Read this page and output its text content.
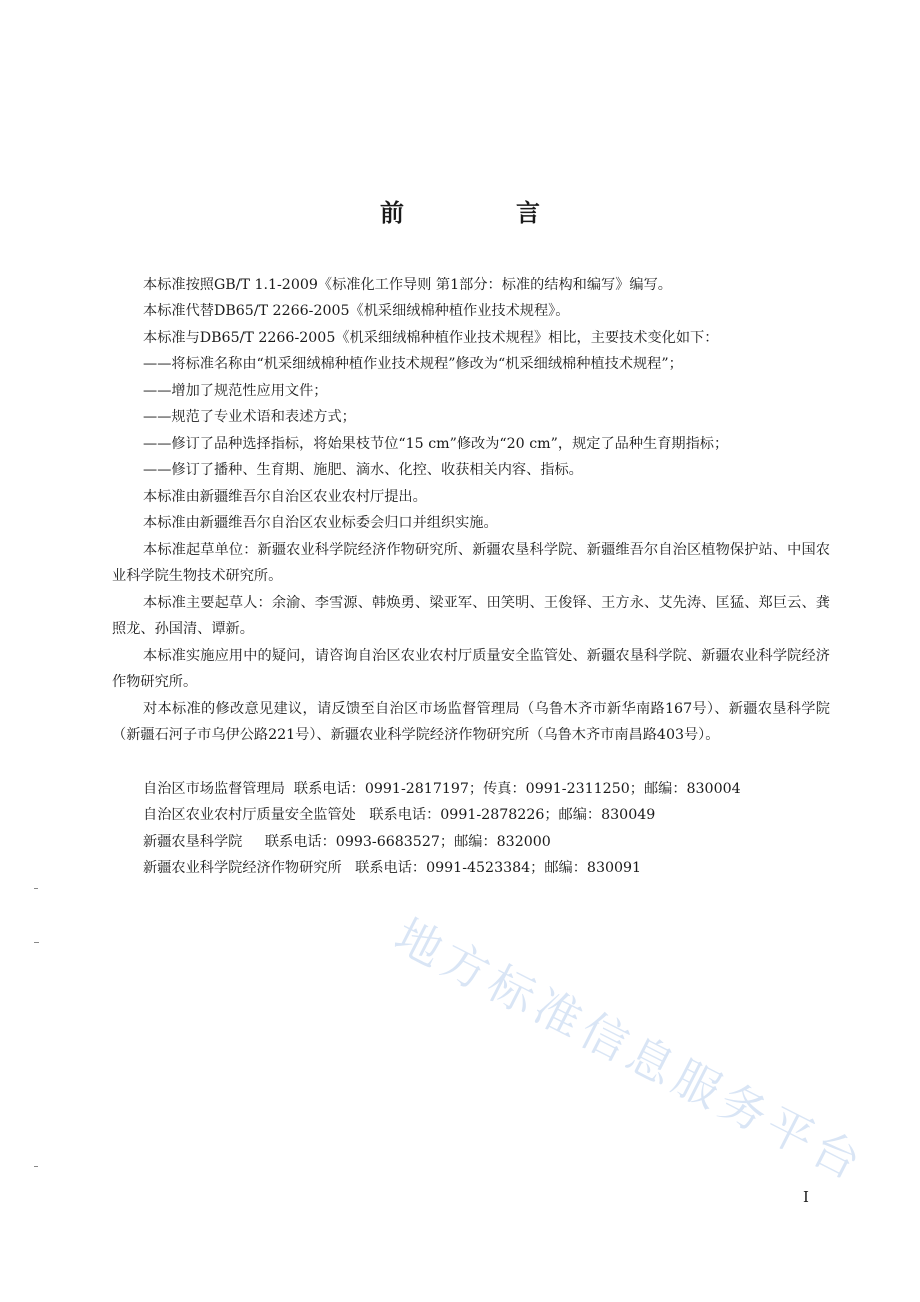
前　言
本标准按照GB/T 1.1-2009《标准化工作导则 第1部分：标准的结构和编写》编写。
本标准代替DB65/T 2266-2005《机采细绒棉种植作业技术规程》。
本标准与DB65/T 2266-2005《机采细绒棉种植作业技术规程》相比，主要技术变化如下：
——将标准名称由“机采细绒棉种植作业技术规程”修改为“机采细绒棉种植技术规程”；
——增加了规范性应用文件；
——规范了专业术语和表述方式；
——修订了品种选择指标，将始果枝节位“15 cm”修改为“20 cm”，规定了品种生育期指标；
——修订了播种、生育期、施肥、滴水、化控、收获相关内容、指标。
本标准由新疆维吾尔自治区农业农村厅提出。
本标准由新疆维吾尔自治区农业标委会归口并组织实施。
本标准起草单位：新疆农业科学院经济作物研究所、新疆农垦科学院、新疆维吾尔自治区植物保护站、中国农业科学院生物技术研究所。
本标准主要起草人：余渝、李雪源、韩焕勇、梁亚军、田笑明、王俊铎、王方永、艾先涛、匡猛、郑巨云、龚照龙、孙国清、谭新。
本标准实施应用中的疑问，请咨询自治区农业农村厅质量安全监管处、新疆农垦科学院、新疆农业科学院经济作物研究所。
对本标准的修改意见建议，请反馈至自治区市场监督管理局（乌鲁木齐市新华南路167号）、新疆农垦科学院（新疆石河子市乌伊公路221号）、新疆农业科学院经济作物研究所（乌鲁木齐市南昌路403号）。
自治区市场监督管理局  联系电话：0991-2817197；传真：0991-2311250；邮编：830004
自治区农业农村厅质量安全监管处   联系电话：0991-2878226；邮编：830049
新疆农垦科学院     联系电话：0993-6683527；邮编：832000
新疆农业科学院经济作物研究所   联系电话：0991-4523384；邮编：830091
地方标准信息服务平台
I
